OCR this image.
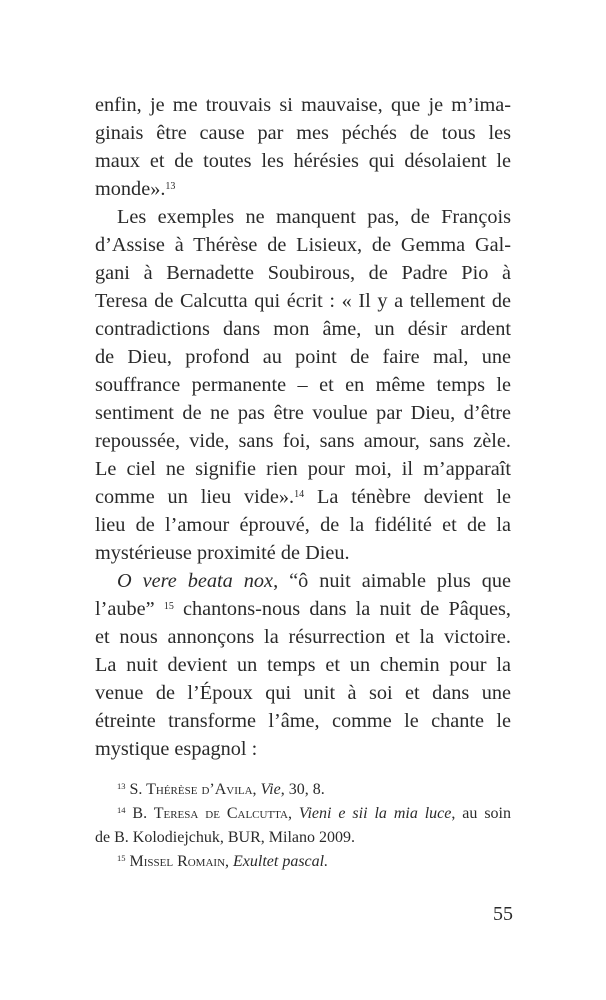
enfin, je me trouvais si mauvaise, que je m’ima-
ginais être cause par mes péchés de tous les
maux et de toutes les hérésies qui désolaient le
monde».$^{13}$
Les exemples ne manquent pas, de François
d’Assise à Thérèse de Lisieux, de Gemma Gal-
gani à Bernadette Soubirous, de Padre Pio à
Teresa de Calcutta qui écrit : « Il y a tellement de
contradictions dans mon âme, un désir ardent
de Dieu, profond au point de faire mal, une
souffrance permanente – et en même temps le
sentiment de ne pas être voulue par Dieu, d’être
repoussée, vide, sans foi, sans amour, sans zèle.
Le ciel ne signifie rien pour moi, il m’apparaît
comme un lieu vide».$^{14}$ La ténèbre devient le
lieu de l’amour éprouvé, de la fidélité et de la
mystérieuse proximité de Dieu.
O vere beata nox, “ô nuit aimable plus que
l’aube” $^{15}$ chantons-nous dans la nuit de Pâques,
et nous annonçons la résurrection et la victoire.
La nuit devient un temps et un chemin pour la
venue de l’Époux qui unit à soi et dans une
étreinte transforme l’âme, comme le chante le
mystique espagnol :
$^{13}$ S. Thérèse d’Avila, Vie, 30, 8.
$^{14}$ B. Teresa de Calcutta, Vieni e sii la mia luce, au soin
de B. Kolodiejchuk, BUR, Milano 2009.
$^{15}$ Missel Romain, Exultet pascal.
55
